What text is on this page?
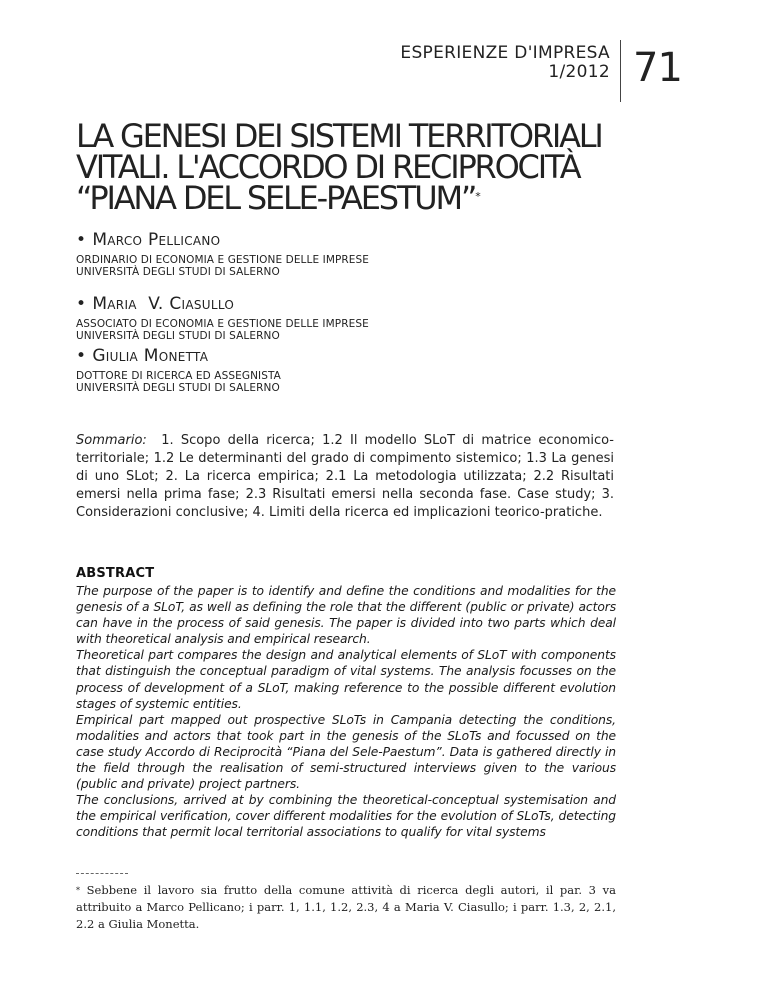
ESPERIENZE D'IMPRESA
1/2012 71
LA GENESI DEI SISTEMI TERRITORIALI
VITALI. L'ACCORDO DI RECIPROCITÀ
“PIANA DEL SELE-PAESTUM”*
• Marco Pellicano
ORDINARIO DI ECONOMIA E GESTIONE DELLE IMPRESE
UNIVERSITÀ DEGLI STUDI DI SALERNO
• Maria  V. Ciasullo
ASSOCIATO DI ECONOMIA E GESTIONE DELLE IMPRESE
UNIVERSITÀ DEGLI STUDI DI SALERNO
• Giulia Monetta
DOTTORE DI RICERCA ED ASSEGNISTA
UNIVERSITÀ DEGLI STUDI DI SALERNO
Sommario: 1. Scopo della ricerca; 1.2 Il modello SLoT di matrice economico-territoriale; 1.2 Le determinanti del grado di compimento sistemico; 1.3 La genesi di uno SLot; 2. La ricerca empirica; 2.1 La metodologia utilizzata; 2.2 Risultati emersi nella prima fase; 2.3 Risultati emersi nella seconda fase. Case study; 3. Considerazioni conclusive; 4. Limiti della ricerca ed implicazioni teorico-pratiche.
ABSTRACT

The purpose of the paper is to identify and define the conditions and modalities for the genesis of a SLoT, as well as defining the role that the different (public or private) actors can have in the process of said genesis. The paper is divided into two parts which deal with theoretical analysis and empirical research.

Theoretical part compares the design and analytical elements of SLoT with components that distinguish the conceptual paradigm of vital systems. The analysis focusses on the process of development of a SLoT, making reference to the possible different evolution stages of systemic entities.

Empirical part mapped out prospective SLoTs in Campania detecting the conditions, modalities and actors that took part in the genesis of the SLoTs and focussed on the case study Accordo di Reciprocità “Piana del Sele-Paestum”. Data is gathered directly in the field through the realisation of semi-structured interviews given to the various (public and private) project partners.

The conclusions, arrived at by combining the theoretical-conceptual systemisation and the empirical verification, cover different modalities for the evolution of SLoTs, detecting conditions that permit local territorial associations to qualify for vital systems

* Sebbene il lavoro sia frutto della comune attività di ricerca degli autori, il par. 3 va attribuito a Marco Pellicano; i parr. 1, 1.1, 1.2, 2.3, 4 a Maria V. Ciasullo; i parr. 1.3, 2, 2.1, 2.2 a Giulia Monetta.
